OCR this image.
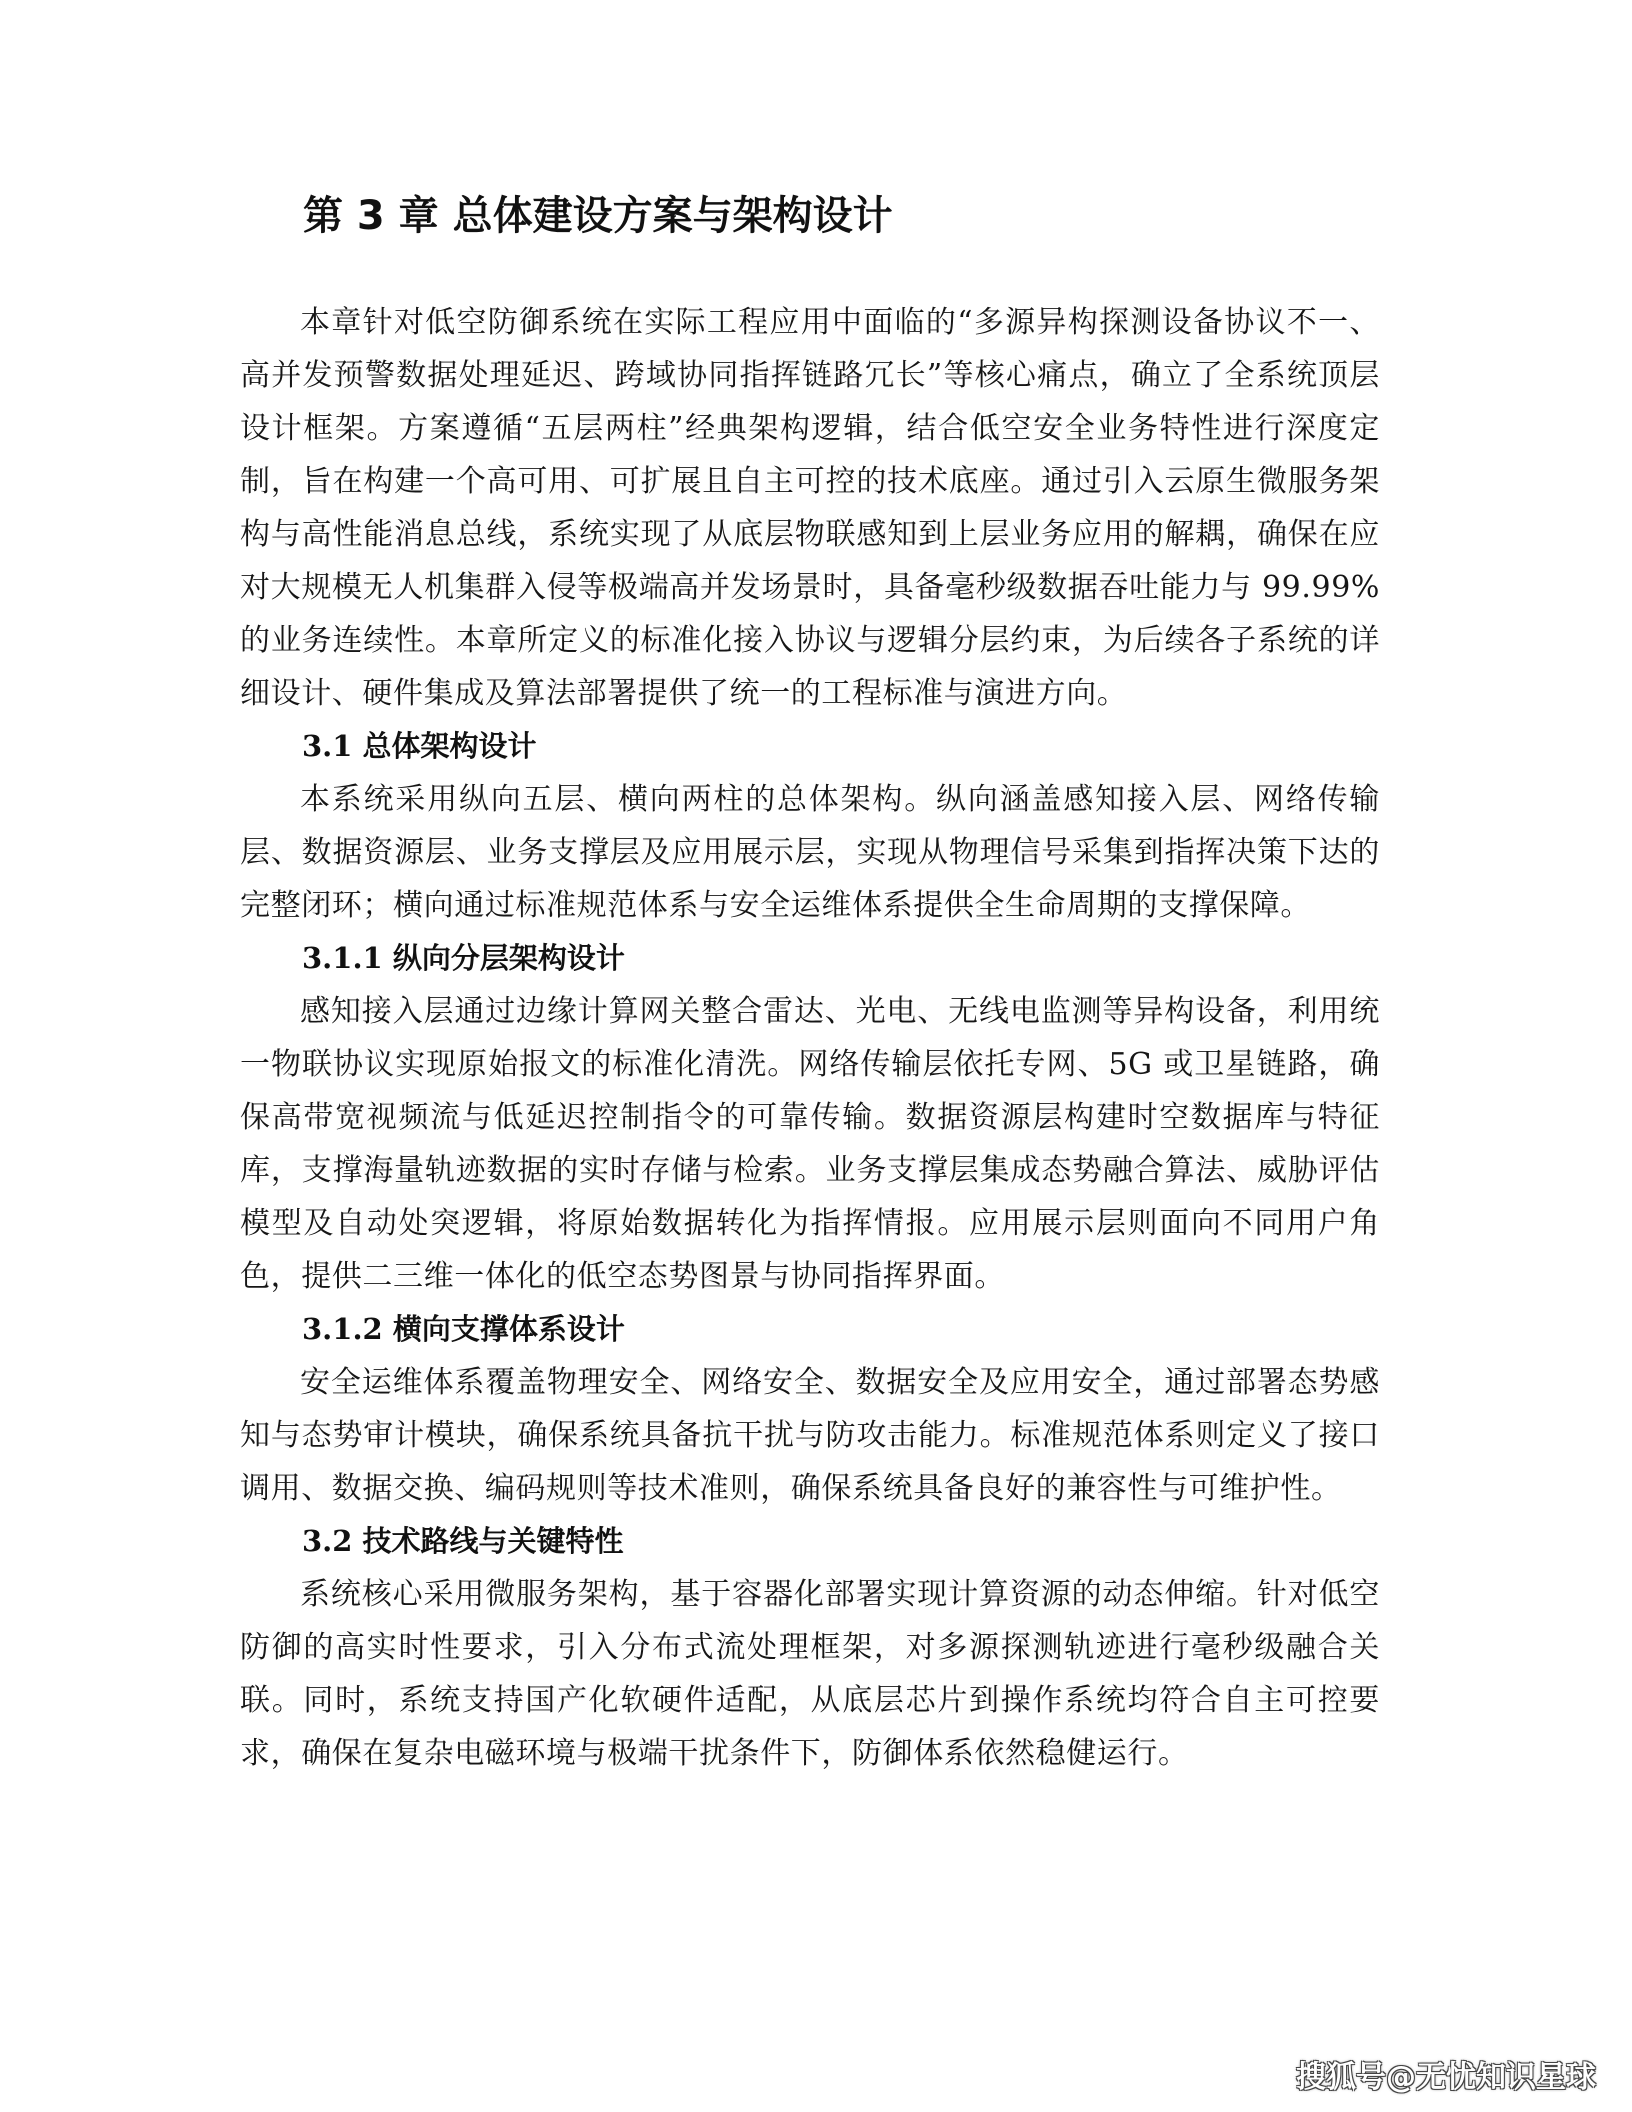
第 3 章 总体建设方案与架构设计

本章针对低空防御系统在实际工程应用中面临的“多源异构探测设备协议不一、高并发预警数据处理延迟、跨域协同指挥链路冗长”等核心痛点，确立了全系统顶层设计框架。方案遵循“五层两柱”经典架构逻辑，结合低空安全业务特性进行深度定制，旨在构建一个高可用、可扩展且自主可控的技术底座。通过引入云原生微服务架构与高性能消息总线，系统实现了从底层物联感知到上层业务应用的解耦，确保在应对大规模无人机集群入侵等极端高并发场景时，具备毫秒级数据吞吐能力与 99.99%的业务连续性。本章所定义的标准化接入协议与逻辑分层约束，为后续各子系统的详细设计、硬件集成及算法部署提供了统一的工程标准与演进方向。

3.1 总体架构设计

本系统采用纵向五层、横向两柱的总体架构。纵向涵盖感知接入层、网络传输层、数据资源层、业务支撑层及应用展示层，实现从物理信号采集到指挥决策下达的完整闭环；横向通过标准规范体系与安全运维体系提供全生命周期的支撑保障。

3.1.1 纵向分层架构设计

感知接入层通过边缘计算网关整合雷达、光电、无线电监测等异构设备，利用统一物联协议实现原始报文的标准化清洗。网络传输层依托专网、5G 或卫星链路，确保高带宽视频流与低延迟控制指令的可靠传输。数据资源层构建时空数据库与特征库，支撑海量轨迹数据的实时存储与检索。业务支撑层集成态势融合算法、威胁评估模型及自动处突逻辑，将原始数据转化为指挥情报。应用展示层则面向不同用户角色，提供二三维一体化的低空态势图景与协同指挥界面。

3.1.2 横向支撑体系设计

安全运维体系覆盖物理安全、网络安全、数据安全及应用安全，通过部署态势感知与态势审计模块，确保系统具备抗干扰与防攻击能力。标准规范体系则定义了接口调用、数据交换、编码规则等技术准则，确保系统具备良好的兼容性与可维护性。

3.2 技术路线与关键特性

系统核心采用微服务架构，基于容器化部署实现计算资源的动态伸缩。针对低空防御的高实时性要求，引入分布式流处理框架，对多源探测轨迹进行毫秒级融合关联。同时，系统支持国产化软硬件适配，从底层芯片到操作系统均符合自主可控要求，确保在复杂电磁环境与极端干扰条件下，防御体系依然稳健运行。

搜狐号@无忧知识星球
